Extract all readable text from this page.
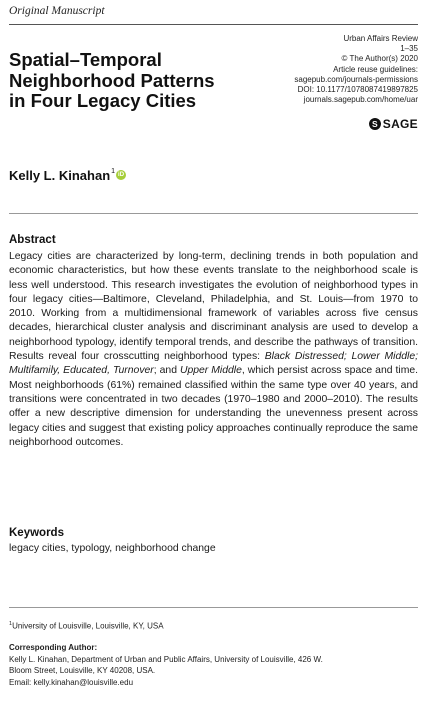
Original Manuscript
Spatial–Temporal
Neighborhood Patterns
in Four Legacy Cities
Urban Affairs Review
1–35
© The Author(s) 2020
Article reuse guidelines:
sagepub.com/journals-permissions
DOI: 10.1177/1078087419897825
journals.sagepub.com/home/uar
S SAGE
Kelly L. Kinahan$^1$ iD
Abstract
Legacy cities are characterized by long-term, declining trends in both population and economic characteristics, but how these events translate to the neighborhood scale is less well understood. This research investigates the evolution of neighborhood types in four legacy cities—Baltimore, Cleveland, Philadelphia, and St. Louis—from 1970 to 2010. Working from a multidimensional framework of variables across five census decades, hierarchical cluster analysis and discriminant analysis are used to develop a neighborhood typology, identify temporal trends, and describe the pathways of transition. Results reveal four crosscutting neighborhood types: Black Distressed; Lower Middle; Multifamily, Educated, Turnover; and Upper Middle, which persist across space and time. Most neighborhoods (61%) remained classified within the same type over 40 years, and transitions were concentrated in two decades (1970–1980 and 2000–2010). The results offer a new descriptive dimension for understanding the unevenness present across legacy cities and suggest that existing policy approaches continually reproduce the same neighborhood outcomes.
Keywords
legacy cities, typology, neighborhood change
$^1$University of Louisville, Louisville, KY, USA
Corresponding Author:
Kelly L. Kinahan, Department of Urban and Public Affairs, University of Louisville, 426 W.
Bloom Street, Louisville, KY 40208, USA.
Email: kelly.kinahan@louisville.edu
